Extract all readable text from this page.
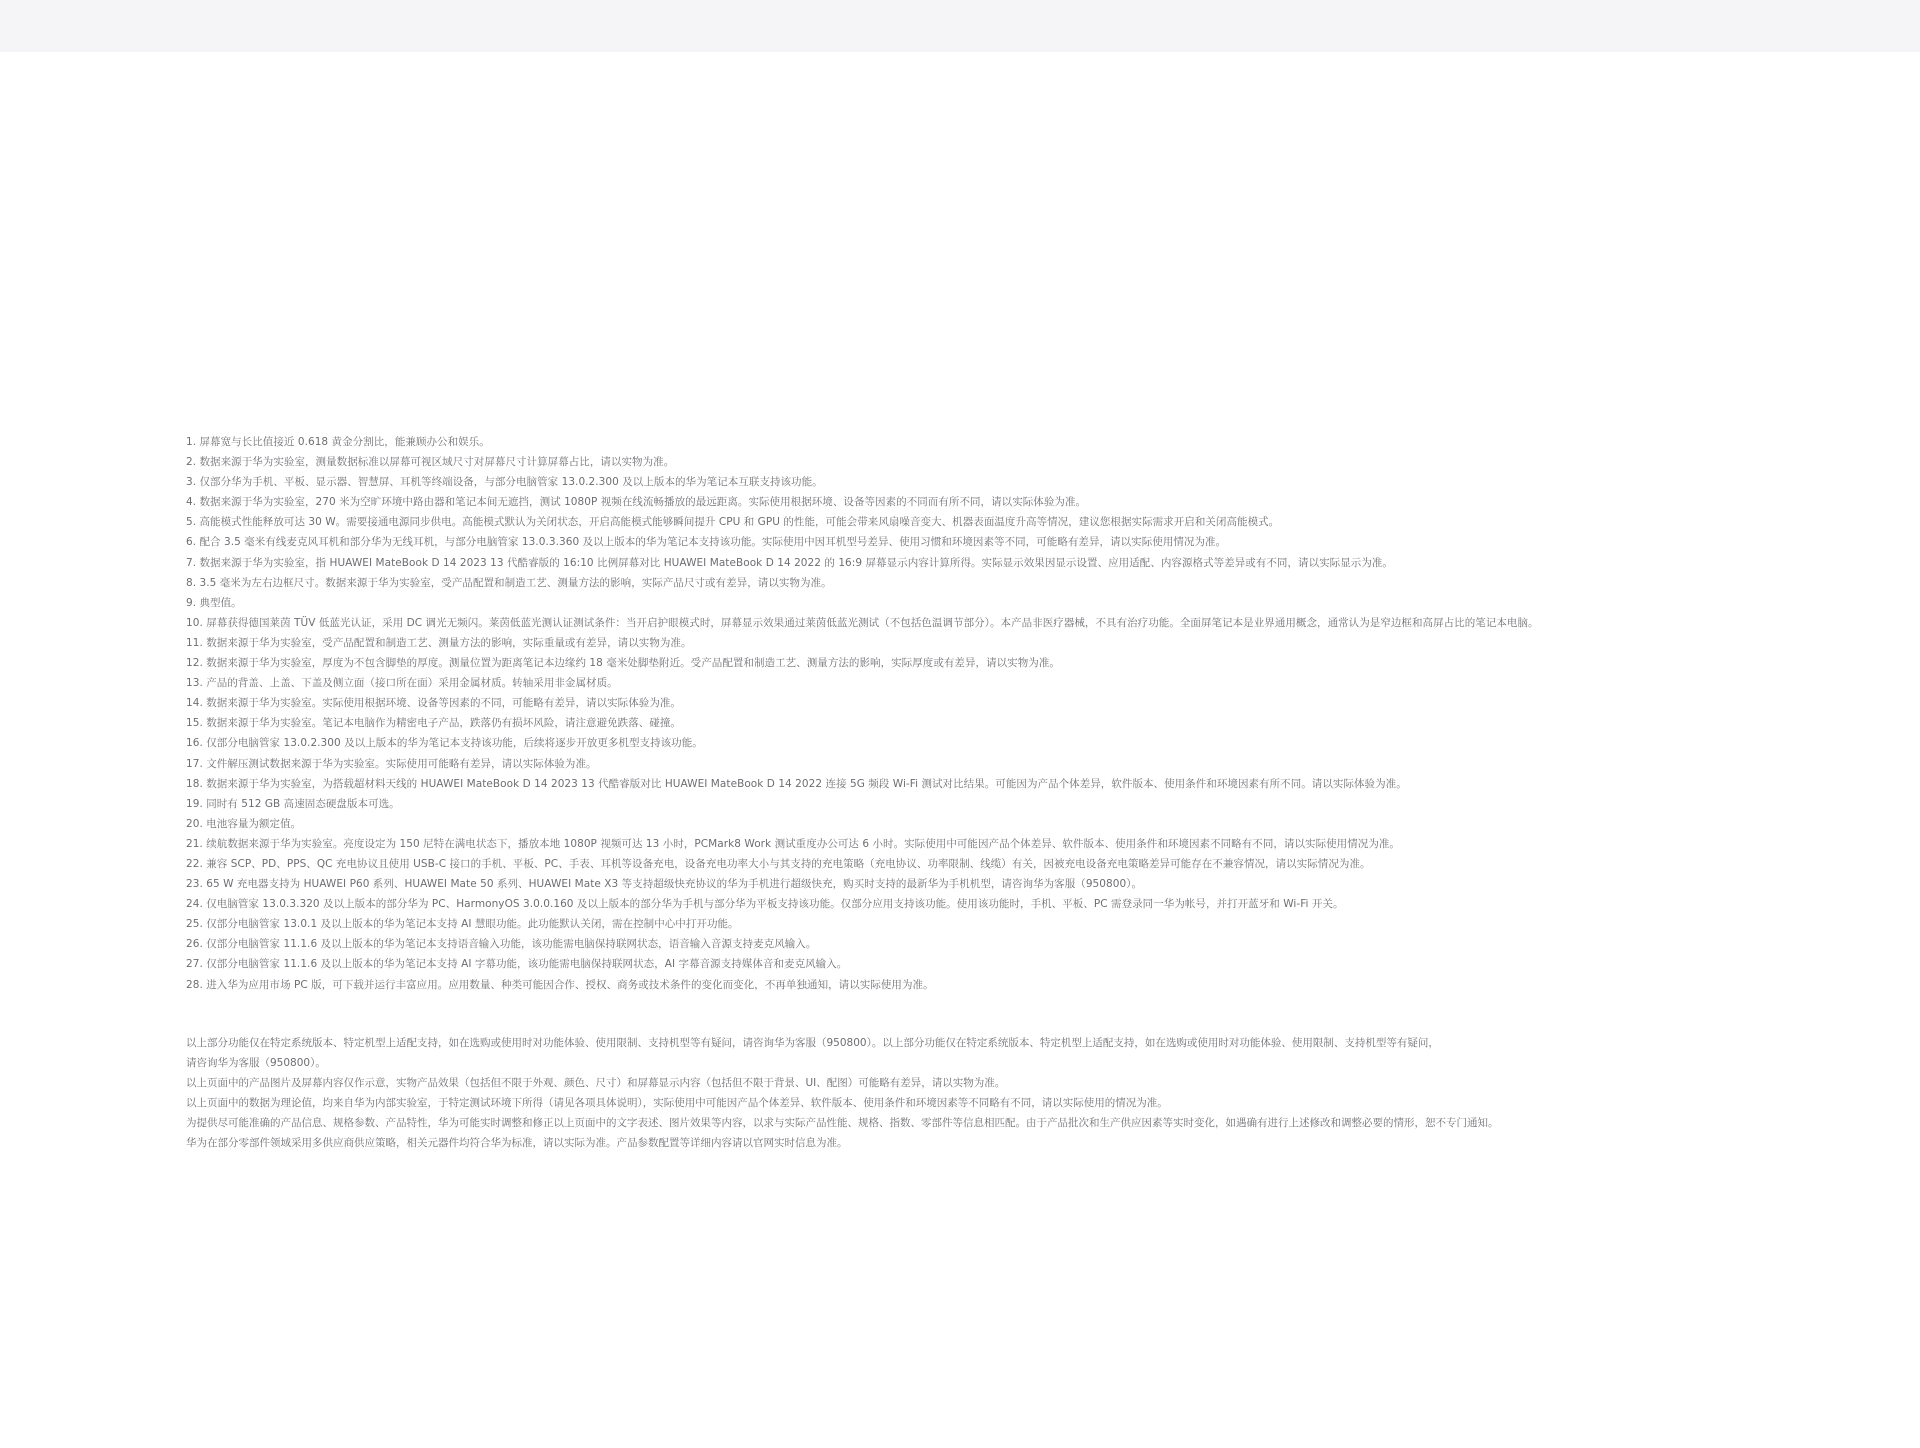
1. 屏幕宽与长比值接近 0.618 黄金分割比，能兼顾办公和娱乐。
2. 数据来源于华为实验室，测量数据标准以屏幕可视区域尺寸对屏幕尺寸计算屏幕占比，请以实物为准。
3. 仅部分华为手机、平板、显示器、智慧屏、耳机等终端设备，与部分电脑管家 13.0.2.300 及以上版本的华为笔记本互联支持该功能。
4. 数据来源于华为实验室，270 米为空旷环境中路由器和笔记本间无遮挡，测试 1080P 视频在线流畅播放的最远距离。实际使用根据环境、设备等因素的不同而有所不同，请以实际体验为准。
5. 高能模式性能释放可达 30 W。需要接通电源同步供电。高能模式默认为关闭状态，开启高能模式能够瞬间提升 CPU 和 GPU 的性能，可能会带来风扇噪音变大、机器表面温度升高等情况，建议您根据实际需求开启和关闭高能模式。
6. 配合 3.5 毫米有线麦克风耳机和部分华为无线耳机，与部分电脑管家 13.0.3.360 及以上版本的华为笔记本支持该功能。实际使用中因耳机型号差异、使用习惯和环境因素等不同，可能略有差异，请以实际使用情况为准。
7. 数据来源于华为实验室，指 HUAWEI MateBook D 14 2023 13 代酷睿版的 16:10 比例屏幕对比 HUAWEI MateBook D 14 2022 的 16:9 屏幕显示内容计算所得。实际显示效果因显示设置、应用适配、内容源格式等差异或有不同，请以实际显示为准。
8. 3.5 毫米为左右边框尺寸。数据来源于华为实验室，受产品配置和制造工艺、测量方法的影响，实际产品尺寸或有差异，请以实物为准。
9. 典型值。
10. 屏幕获得德国莱茵 TÜV 低蓝光认证，采用 DC 调光无频闪。莱茵低蓝光测认证测试条件：当开启护眼模式时，屏幕显示效果通过莱茵低蓝光测试（不包括色温调节部分）。本产品非医疗器械，不具有治疗功能。全面屏笔记本是业界通用概念，通常认为是窄边框和高屏占比的笔记本电脑。
11. 数据来源于华为实验室，受产品配置和制造工艺、测量方法的影响，实际重量或有差异，请以实物为准。
12. 数据来源于华为实验室，厚度为不包含脚垫的厚度。测量位置为距离笔记本边缘约 18 毫米处脚垫附近。受产品配置和制造工艺、测量方法的影响，实际厚度或有差异，请以实物为准。
13. 产品的背盖、上盖、下盖及侧立面（接口所在面）采用金属材质。转轴采用非金属材质。
14. 数据来源于华为实验室。实际使用根据环境、设备等因素的不同，可能略有差异，请以实际体验为准。
15. 数据来源于华为实验室。笔记本电脑作为精密电子产品，跌落仍有损坏风险，请注意避免跌落、碰撞。
16. 仅部分电脑管家 13.0.2.300 及以上版本的华为笔记本支持该功能，后续将逐步开放更多机型支持该功能。
17. 文件解压测试数据来源于华为实验室。实际使用可能略有差异，请以实际体验为准。
18. 数据来源于华为实验室，为搭载超材料天线的 HUAWEI MateBook D 14 2023 13 代酷睿版对比 HUAWEI MateBook D 14 2022 连接 5G 频段 Wi-Fi 测试对比结果。可能因为产品个体差异，软件版本、使用条件和环境因素有所不同。请以实际体验为准。
19. 同时有 512 GB 高速固态硬盘版本可选。
20. 电池容量为额定值。
21. 续航数据来源于华为实验室。亮度设定为 150 尼特在满电状态下，播放本地 1080P 视频可达 13 小时，PCMark8 Work 测试重度办公可达 6 小时。实际使用中可能因产品个体差异、软件版本、使用条件和环境因素不同略有不同，请以实际使用情况为准。
22. 兼容 SCP、PD、PPS、QC 充电协议且使用 USB-C 接口的手机、平板、PC、手表、耳机等设备充电，设备充电功率大小与其支持的充电策略（充电协议、功率限制、线缆）有关，因被充电设备充电策略差异可能存在不兼容情况，请以实际情况为准。
23. 65 W 充电器支持为 HUAWEI P60 系列、HUAWEI Mate 50 系列、HUAWEI Mate X3 等支持超级快充协议的华为手机进行超级快充，购买时支持的最新华为手机机型，请咨询华为客服（950800）。
24. 仅电脑管家 13.0.3.320 及以上版本的部分华为 PC、HarmonyOS 3.0.0.160 及以上版本的部分华为手机与部分华为平板支持该功能。仅部分应用支持该功能。使用该功能时，手机、平板、PC 需登录同一华为帐号，并打开蓝牙和 Wi-Fi 开关。
25. 仅部分电脑管家 13.0.1 及以上版本的华为笔记本支持 AI 慧眼功能。此功能默认关闭，需在控制中心中打开功能。
26. 仅部分电脑管家 11.1.6 及以上版本的华为笔记本支持语音输入功能，该功能需电脑保持联网状态，语音输入音源支持麦克风输入。
27. 仅部分电脑管家 11.1.6 及以上版本的华为笔记本支持 AI 字幕功能，该功能需电脑保持联网状态，AI 字幕音源支持媒体音和麦克风输入。
28. 进入华为应用市场 PC 版，可下载并运行丰富应用。应用数量、种类可能因合作、授权、商务或技术条件的变化而变化，不再单独通知，请以实际使用为准。

以上部分功能仅在特定系统版本、特定机型上适配支持，如在选购或使用时对功能体验、使用限制、支持机型等有疑问，请咨询华为客服（950800）。以上部分功能仅在特定系统版本、特定机型上适配支持，如在选购或使用时对功能体验、使用限制、支持机型等有疑问，

请咨询华为客服（950800）。

以上页面中的产品图片及屏幕内容仅作示意，实物产品效果（包括但不限于外观、颜色、尺寸）和屏幕显示内容（包括但不限于背景、UI、配图）可能略有差异，请以实物为准。

以上页面中的数据为理论值，均来自华为内部实验室，于特定测试环境下所得（请见各项具体说明），实际使用中可能因产品个体差异、软件版本、使用条件和环境因素等不同略有不同，请以实际使用的情况为准。

为提供尽可能准确的产品信息、规格参数、产品特性，华为可能实时调整和修正以上页面中的文字表述、图片效果等内容，以求与实际产品性能、规格、指数、零部件等信息相匹配。由于产品批次和生产供应因素等实时变化，如遇确有进行上述修改和调整必要的情形，恕不专门通知。

华为在部分零部件领域采用多供应商供应策略，相关元器件均符合华为标准，请以实际为准。产品参数配置等详细内容请以官网实时信息为准。
